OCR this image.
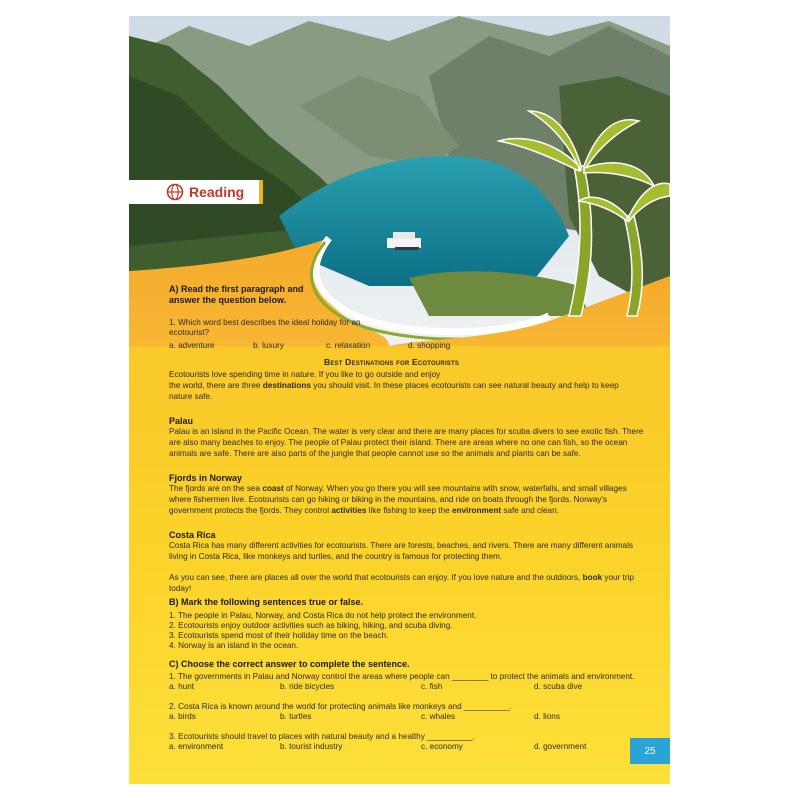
Reading
A) Read the first paragraph and
answer the question below.
1. Which word best describes the ideal holiday for an
ecotourist?
a. adventure	b. luxury	c. relaxation	d. shopping
Best Destinations for Ecotourists
Ecotourists love spending time in nature. If you like to go outside and enjoy
the world, there are three destinations you should visit. In these places ecotourists can see natural beauty and help to keep
nature safe.
Palau
Palau is an island in the Pacific Ocean. The water is very clear and there are many places for scuba divers to see exotic fish. There
are also many beaches to enjoy. The people of Palau protect their island. There are areas where no one can fish, so the ocean
animals are safe. There are also parts of the jungle that people cannot use so the animals and plants can be safe.
Fjords in Norway
The fjords are on the sea coast of Norway. When you go there you will see mountains with snow, waterfalls, and small villages
where fishermen live. Ecotourists can go hiking or biking in the mountains, and ride on boats through the fjords. Norway's
government protects the fjords. They control activities like fishing to keep the environment safe and clean.
Costa Rica
Costa Rica has many different activities for ecotourists. There are forests, beaches, and rivers. There are many different animals
living in Costa Rica, like monkeys and turtles, and the country is famous for protecting them.
As you can see, there are places all over the world that ecotourists can enjoy. If you love nature and the outdoors, book your trip
today!
B) Mark the following sentences true or false.
1. The people in Palau, Norway, and Costa Rica do not help protect the environment.
2. Ecotourists enjoy outdoor activities such as biking, hiking, and scuba diving.
3. Ecotourists spend most of their holiday time on the beach.
4. Norway is an island in the ocean.
C) Choose the correct answer to complete the sentence.
1. The governments in Palau and Norway control the areas where people can ________ to protect the animals and environment.
a. hunt	b. ride bicycles	c. fish	d. scuba dive
2. Costa Rica is known around the world for protecting animals like monkeys and __________.
a. birds	b. turtles	c. whales	d. lions
3. Ecotourists should travel to places with natural beauty and a healthy __________.
a. environment	b. tourist industry	c. economy	d. government	25
